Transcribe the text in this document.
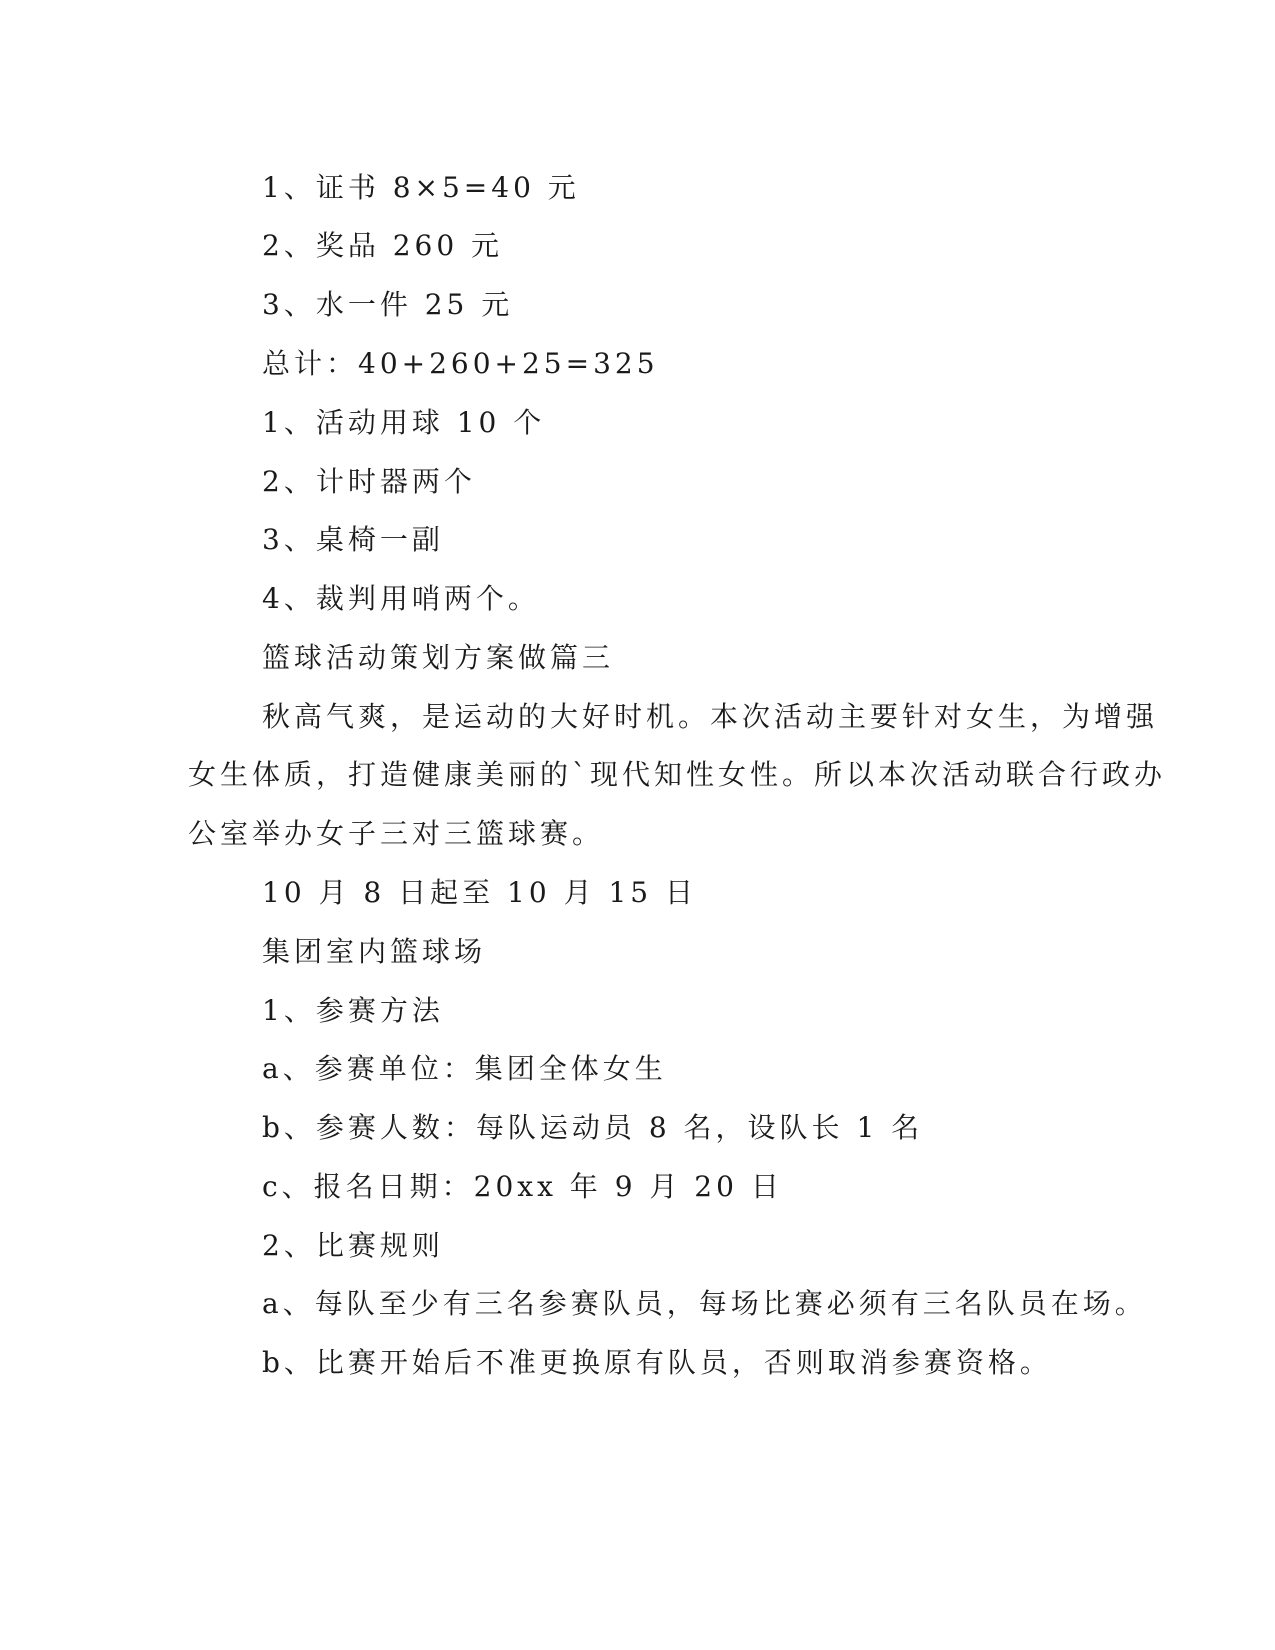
1、证书 8×5=40 元
2、奖品 260 元
3、水一件 25 元
总计：40+260+25=325
1、活动用球 10 个
2、计时器两个
3、桌椅一副
4、裁判用哨两个。
篮球活动策划方案做篇三
秋高气爽，是运动的大好时机。本次活动主要针对女生，为增强
女生体质，打造健康美丽的`现代知性女性。所以本次活动联合行政办
公室举办女子三对三篮球赛。
10 月 8 日起至 10 月 15 日
集团室内篮球场
1、参赛方法
a、参赛单位：集团全体女生
b、参赛人数：每队运动员 8 名，设队长 1 名
c、报名日期：20xx 年 9 月 20 日
2、比赛规则
a、每队至少有三名参赛队员，每场比赛必须有三名队员在场。
b、比赛开始后不准更换原有队员，否则取消参赛资格。
